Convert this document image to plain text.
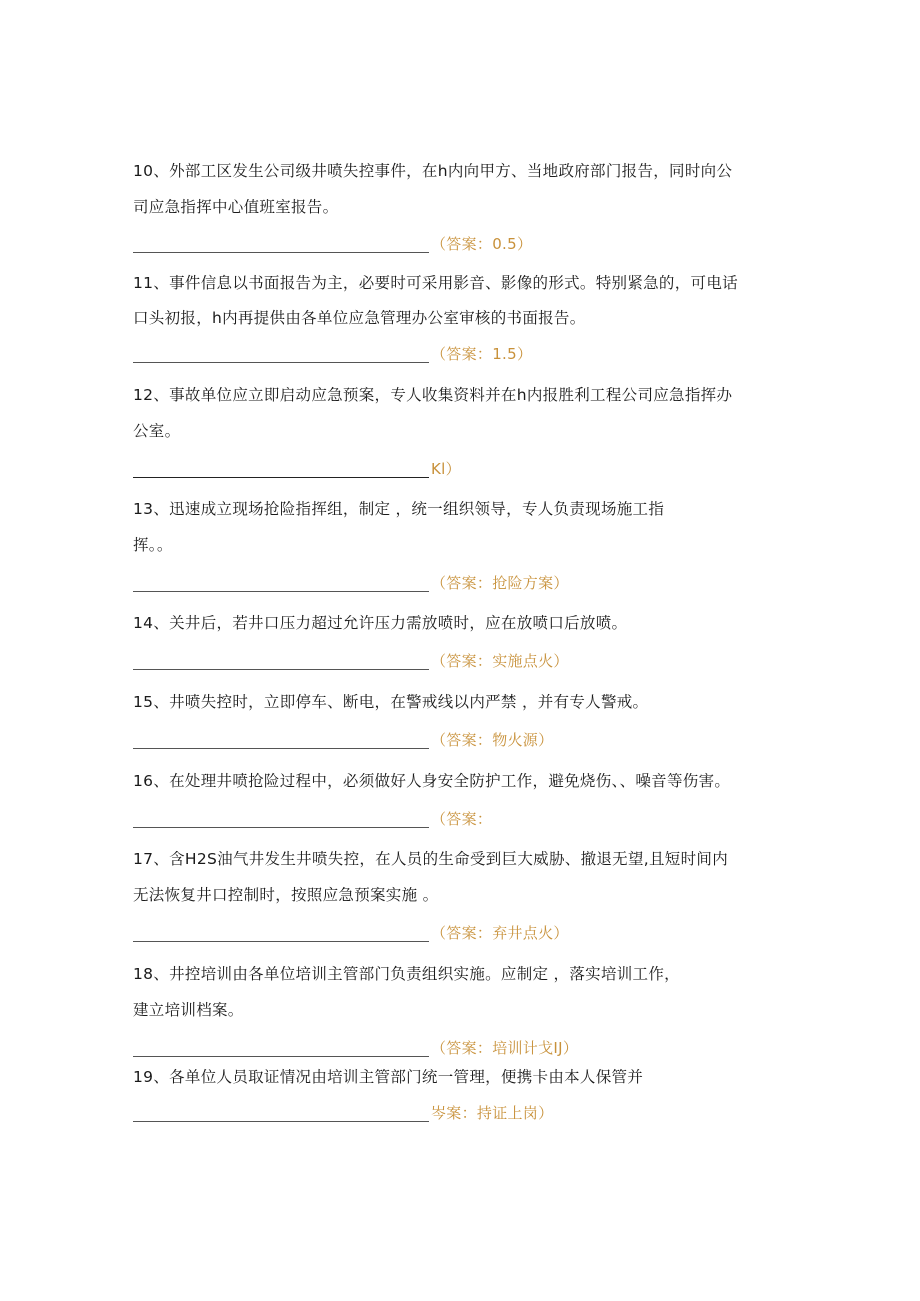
10、外部工区发生公司级井喷失控事件，在h内向甲方、当地政府部门报告，同时向公
司应急指挥中心值班室报告。
（答案：0.5）
11、事件信息以书面报告为主，必要时可采用影音、影像的形式。特别紧急的，可电话
口头初报，h内再提供由各单位应急管理办公室审核的书面报告。
（答案：1.5）
12、事故单位应立即启动应急预案，专人收集资料并在h内报胜利工程公司应急指挥办
公室。
Kl）
13、迅速成立现场抢险指挥组，制定 ，统一组织领导，专人负责现场施工指
挥。。
（答案：抢险方案）
14、关井后，若井口压力超过允许压力需放喷时，应在放喷口后放喷。
（答案：实施点火）
15、井喷失控时，立即停车、断电，在警戒线以内严禁 ，并有专人警戒。
（答案：物火源）
16、在处理井喷抢险过程中，必须做好人身安全防护工作，避免烧伤、、噪音等伤害。
（答案：
17、含H2S油气井发生井喷失控，在人员的生命受到巨大威胁、撤退无望,且短时间内
无法恢复井口控制时，按照应急预案实施 。
（答案：弃井点火）
18、井控培训由各单位培训主管部门负责组织实施。应制定 ，落实培训工作，
建立培训档案。
（答案：培训计戈IJ）
19、各单位人员取证情况由培训主管部门统一管理，便携卡由本人保管并
岑案：持证上岗）
